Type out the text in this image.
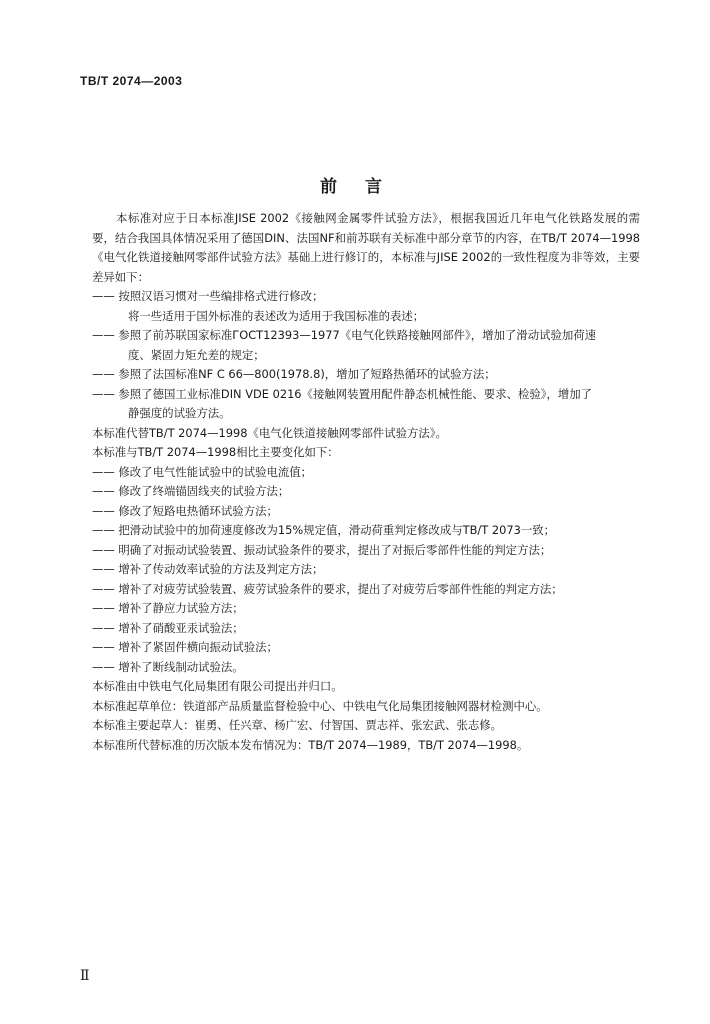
TB/T 2074—2003
前言

本标准对应于日本标准JISE 2002《接触网金属零件试验方法》，根据我国近几年电气化铁路发展的需要，结合我国具体情况采用了德国DIN、法国NF和前苏联有关标准中部分章节的内容，在TB/T 2074—1998《电气化铁道接触网零部件试验方法》基础上进行修订的，本标准与JISE 2002的一致性程度为非等效，主要差异如下：

—— 按照汉语习惯对一些编排格式进行修改；
将一些适用于国外标准的表述改为适用于我国标准的表述；
—— 参照了前苏联国家标准ГОСТ12393—1977《电气化铁路接触网部件》，增加了滑动试验加荷速
度、紧固力矩允差的规定；
—— 参照了法国标准NF C 66—800(1978.8)，增加了短路热循环的试验方法；
—— 参照了德国工业标准DIN VDE 0216《接触网装置用配件静态机械性能、要求、检验》，增加了
静强度的试验方法。
本标准代替TB/T 2074—1998《电气化铁道接触网零部件试验方法》。
本标准与TB/T 2074—1998相比主要变化如下：
—— 修改了电气性能试验中的试验电流值；
—— 修改了终端锚固线夹的试验方法；
—— 修改了短路电热循环试验方法；
—— 把滑动试验中的加荷速度修改为15%规定值，滑动荷重判定修改成与TB/T 2073一致；
—— 明确了对振动试验装置、振动试验条件的要求，提出了对振后零部件性能的判定方法；
—— 增补了传动效率试验的方法及判定方法；
—— 增补了对疲劳试验装置、疲劳试验条件的要求，提出了对疲劳后零部件性能的判定方法；
—— 增补了静应力试验方法；
—— 增补了硝酸亚汞试验法；
—— 增补了紧固件横向振动试验法；
—— 增补了断线制动试验法。
本标准由中铁电气化局集团有限公司提出并归口。
本标准起草单位：铁道部产品质量监督检验中心、中铁电气化局集团接触网器材检测中心。
本标准主要起草人：崔勇、任兴章、杨广宏、付智国、贾志祥、张宏武、张志修。
本标准所代替标准的历次版本发布情况为：TB/T 2074—1989，TB/T 2074—1998。
Ⅱ
